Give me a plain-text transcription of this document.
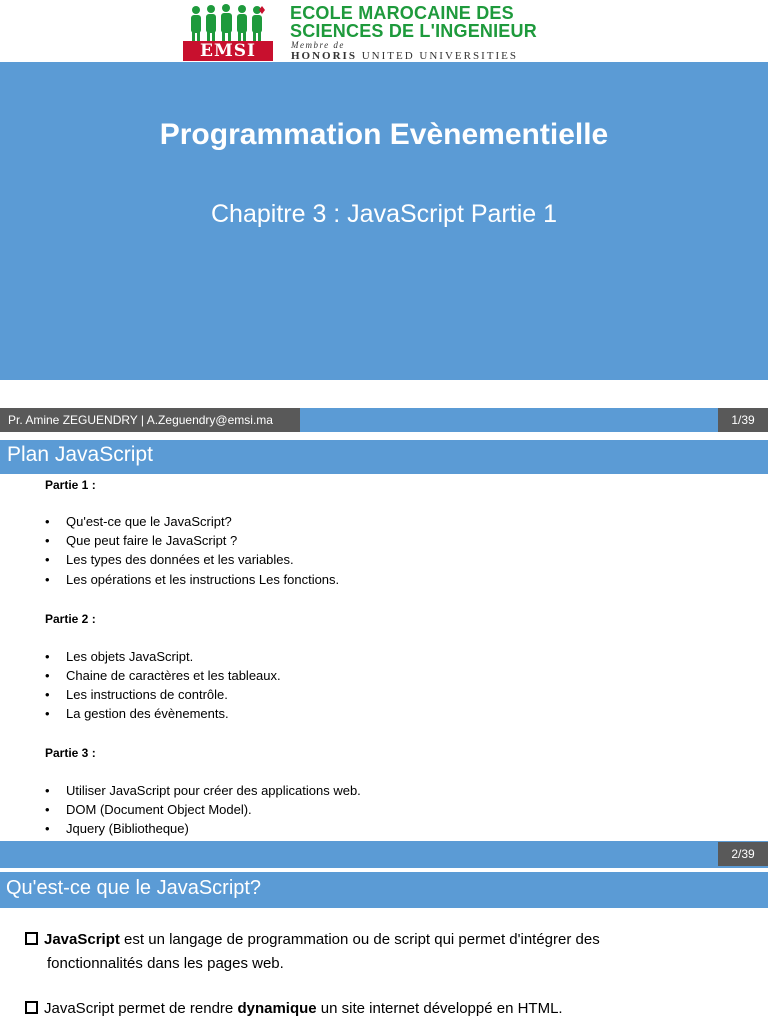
EMSI
ECOLE MAROCAINE DES
SCIENCES DE L'INGENIEUR
Membre de
HONORIS UNITED UNIVERSITIES
Programmation Evènementielle
Chapitre 3 : JavaScript Partie 1
1/39
Pr. Amine ZEGUENDRY | A.Zeguendry@emsi.ma
Plan JavaScript
Partie 1 :
Qu'est-ce que le JavaScript?
Que peut faire le JavaScript ?
Les types des données et les variables.
Les opérations et les instructions Les fonctions.
Partie 2 :
Les objets JavaScript.
Chaine de caractères et les tableaux.
Les instructions de contrôle.
La gestion des évènements.
Partie 3 :
Utiliser JavaScript pour créer des applications web.
DOM (Document Object Model).
Jquery (Bibliotheque)
2/39
Qu'est-ce que le JavaScript?
JavaScript est un langage de programmation ou de script qui permet d'intégrer des
fonctionnalités dans les pages web.
JavaScript permet de rendre dynamique un site internet développé en HTML.
